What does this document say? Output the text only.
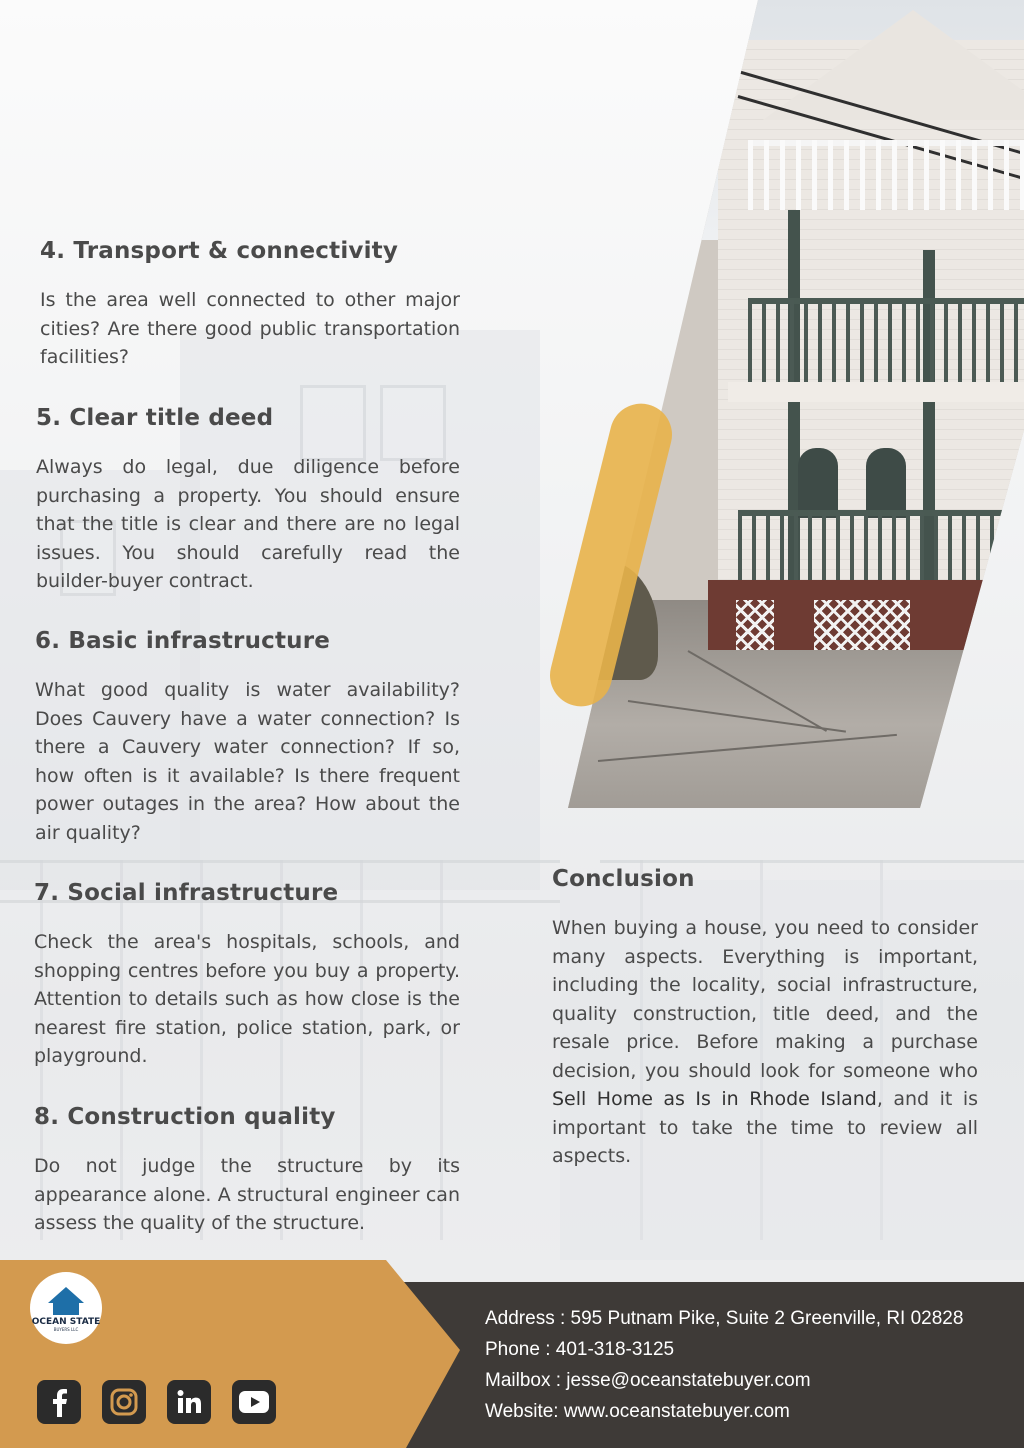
4. Transport & connectivity

Is the area well connected to other major cities? Are there good public transportation facilities?

5. Clear title deed

Always do legal, due diligence before purchasing a property. You should ensure that the title is clear and there are no legal issues. You should carefully read the builder-buyer contract.

6. Basic infrastructure

What good quality is water availability? Does Cauvery have a water connection? Is there a Cauvery water connection? If so, how often is it available? Is there frequent power outages in the area? How about the air quality?

7. Social infrastructure

Check the area's hospitals, schools, and shopping centres before you buy a property. Attention to details such as how close is the nearest fire station, police station, park, or playground.

8. Construction quality

Do not judge the structure by its appearance alone. A structural engineer can assess the quality of the structure.

Conclusion

When buying a house, you need to consider many aspects. Everything is important, including the locality, social infrastructure, quality construction, title deed, and the resale price. Before making a purchase decision, you should look for someone who Sell Home as Is in Rhode Island, and it is important to take the time to review all aspects.

OCEAN STATE
BUYERS LLC	Address : 595 Putnam Pike, Suite 2 Greenville, RI 02828
Phone : 401-318-3125
Mailbox : jesse@oceanstatebuyer.com
Website: www.oceanstatebuyer.com
